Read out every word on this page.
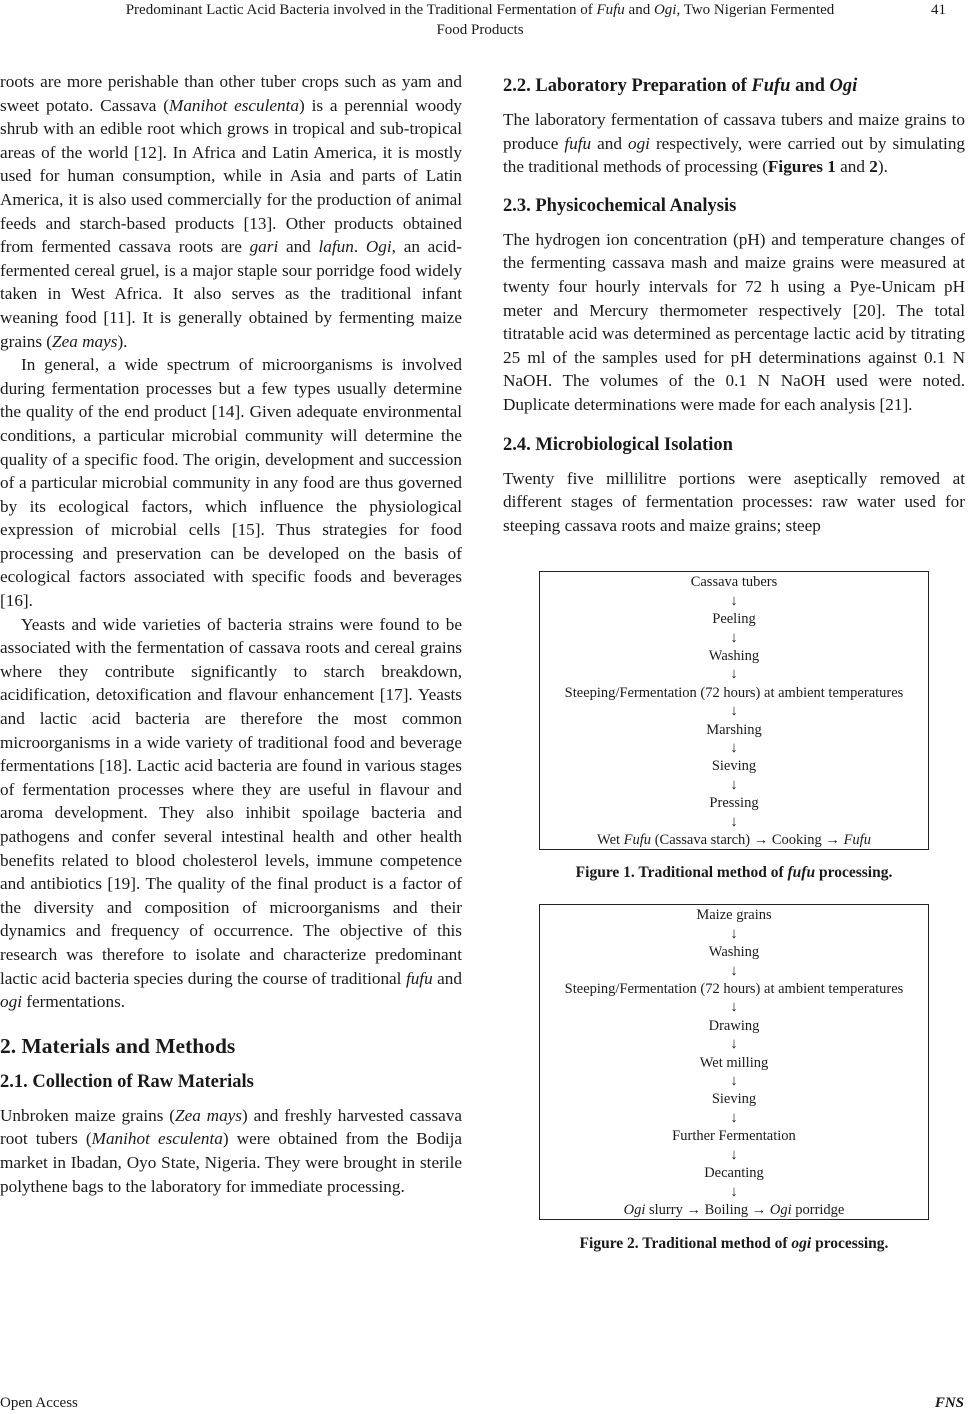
Predominant Lactic Acid Bacteria involved in the Traditional Fermentation of Fufu and Ogi, Two Nigerian Fermented
Food Products
41

roots are more perishable than other tuber crops such as yam and sweet potato. Cassava (Manihot esculenta) is a perennial woody shrub with an edible root which grows in tropical and sub-tropical areas of the world [12]. In Africa and Latin America, it is mostly used for human consumption, while in Asia and parts of Latin America, it is also used commercially for the production of animal feeds and starch-based products [13]. Other products obtained from fermented cassava roots are gari and lafun. Ogi, an acid-fermented cereal gruel, is a major staple sour porridge food widely taken in West Africa. It also serves as the traditional infant weaning food [11]. It is generally obtained by fermenting maize grains (Zea mays).

In general, a wide spectrum of microorganisms is involved during fermentation processes but a few types usually determine the quality of the end product [14]. Given adequate environmental conditions, a particular microbial community will determine the quality of a specific food. The origin, development and succession of a particular microbial community in any food are thus governed by its ecological factors, which influence the physiological expression of microbial cells [15]. Thus strategies for food processing and preservation can be developed on the basis of ecological factors associated with specific foods and beverages [16].

Yeasts and wide varieties of bacteria strains were found to be associated with the fermentation of cassava roots and cereal grains where they contribute significantly to starch breakdown, acidification, detoxification and flavour enhancement [17]. Yeasts and lactic acid bacteria are therefore the most common microorganisms in a wide variety of traditional food and beverage fermentations [18]. Lactic acid bacteria are found in various stages of fermentation processes where they are useful in flavour and aroma development. They also inhibit spoilage bacteria and pathogens and confer several intestinal health and other health benefits related to blood cholesterol levels, immune competence and antibiotics [19]. The quality of the final product is a factor of the diversity and composition of microorganisms and their dynamics and frequency of occurrence. The objective of this research was therefore to isolate and characterize predominant lactic acid bacteria species during the course of traditional fufu and ogi fermentations.

2. Materials and Methods
2.1. Collection of Raw Materials

Unbroken maize grains (Zea mays) and freshly harvested cassava root tubers (Manihot esculenta) were obtained from the Bodija market in Ibadan, Oyo State, Nigeria. They were brought in sterile polythene bags to the laboratory for immediate processing.

2.2. Laboratory Preparation of Fufu and Ogi

The laboratory fermentation of cassava tubers and maize grains to produce fufu and ogi respectively, were carried out by simulating the traditional methods of processing (Figures 1 and 2).

2.3. Physicochemical Analysis

The hydrogen ion concentration (pH) and temperature changes of the fermenting cassava mash and maize grains were measured at twenty four hourly intervals for 72 h using a Pye-Unicam pH meter and Mercury thermometer respectively [20]. The total titratable acid was determined as percentage lactic acid by titrating 25 ml of the samples used for pH determinations against 0.1 N NaOH. The volumes of the 0.1 N NaOH used were noted. Duplicate determinations were made for each analysis [21].

2.4. Microbiological Isolation

Twenty five millilitre portions were aseptically removed at different stages of fermentation processes: raw water used for steeping cassava roots and maize grains; steep

Cassava tubers
↓
Peeling
↓
Washing
↓
Steeping/Fermentation (72 hours) at ambient temperatures
↓
Marshing
↓
Sieving
↓
Pressing
↓
Wet Fufu (Cassava starch) → Cooking → Fufu
Figure 1. Traditional method of fufu processing.
Maize grains
↓
Washing
↓
Steeping/Fermentation (72 hours) at ambient temperatures
↓
Drawing
↓
Wet milling
↓
Sieving
↓
Further Fermentation
↓
Decanting
↓
Ogi slurry → Boiling → Ogi porridge
Figure 2. Traditional method of ogi processing.
Open Access	FNS
